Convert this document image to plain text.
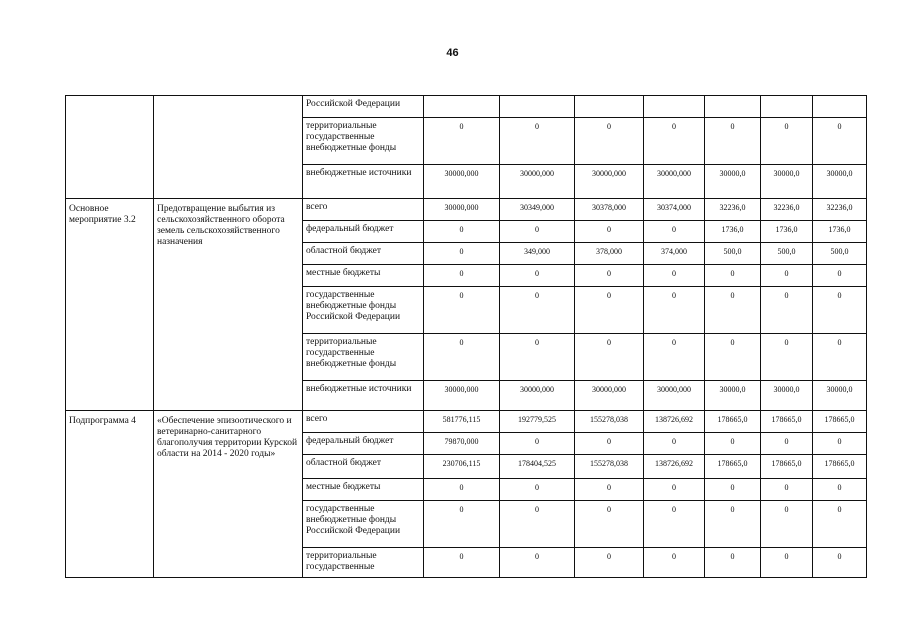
46
		Российской Федерации							
		территориальные государственные внебюджетные фонды	0	0	0	0	0	0	0
		внебюджетные источники	30000,000	30000,000	30000,000	30000,000	30000,0	30000,0	30000,0
Основное мероприятие 3.2	Предотвращение выбытия из сельскохозяйственного оборота земель сельскохозяйственного назначения	всего	30000,000	30349,000	30378,000	30374,000	32236,0	32236,0	32236,0
		федеральный бюджет	0	0	0	0	1736,0	1736,0	1736,0
		областной бюджет	0	349,000	378,000	374,000	500,0	500,0	500,0
		местные бюджеты	0	0	0	0	0	0	0
		государственные внебюджетные фонды Российской Федерации	0	0	0	0	0	0	0
		территориальные государственные внебюджетные фонды	0	0	0	0	0	0	0
		внебюджетные источники	30000,000	30000,000	30000,000	30000,000	30000,0	30000,0	30000,0
Подпрограмма 4	«Обеспечение эпизоотического и ветеринарно-санитарного благополучия территории Курской области на 2014 - 2020 годы»	всего	581776,115	192779,525	155278,038	138726,692	178665,0	178665,0	178665,0
		федеральный бюджет	79870,000	0	0	0	0	0	0
		областной бюджет	230706,115	178404,525	155278,038	138726,692	178665,0	178665,0	178665,0
		местные бюджеты	0	0	0	0	0	0	0
		государственные внебюджетные фонды Российской Федерации	0	0	0	0	0	0	0
		территориальные государственные	0	0	0	0	0	0	0
